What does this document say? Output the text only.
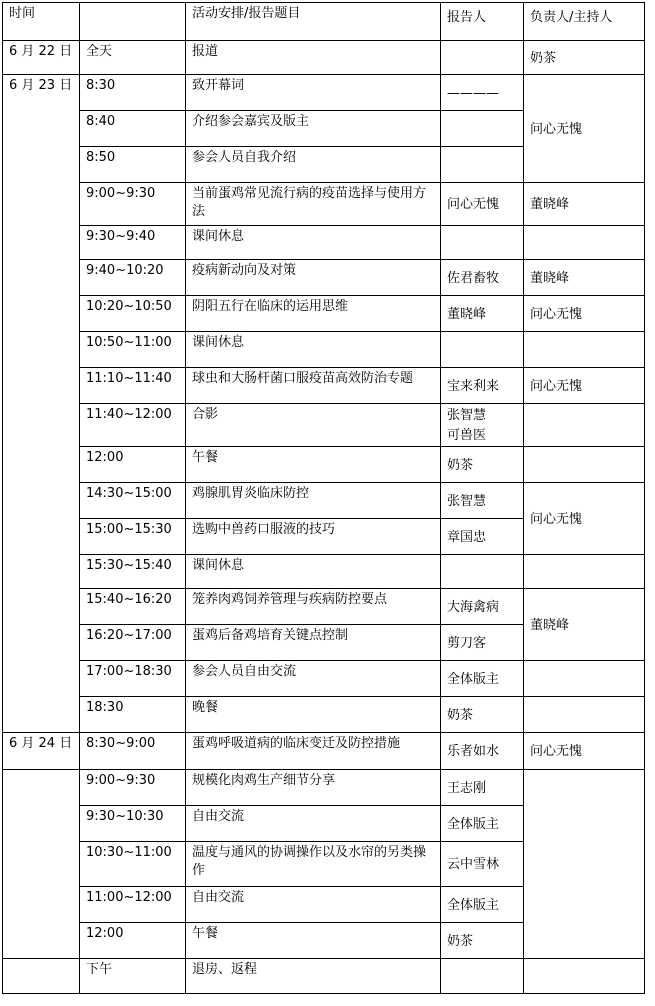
时间		活动安排/报告题目	报告人	负责人/主持人

6 月 22 日	全天	报道		奶茶

6 月 23 日	8:30	致开幕词	————	问心无愧

	8:40	介绍参会嘉宾及版主		

	8:50	参会人员自我介绍		

	9:00~9:30	当前蛋鸡常见流行病的疫苗选择与使用方法	问心无愧	董晓峰

	9:30~9:40	课间休息		

	9:40~10:20	疫病新动向及对策	佐君畜牧	董晓峰

	10:20~10:50	阴阳五行在临床的运用思维	董晓峰	问心无愧

	10:50~11:00	课间休息		

	11:10~11:40	球虫和大肠杆菌口服疫苗高效防治专题	宝来利来	问心无愧

	11:40~12:00	合影	张智慧
可兽医	

	12:00	午餐	奶茶	

	14:30~15:00	鸡腺肌胃炎临床防控	张智慧	问心无愧

	15:00~15:30	选购中兽药口服液的技巧	章国忠	

	15:30~15:40	课间休息		

	15:40~16:20	笼养肉鸡饲养管理与疾病防控要点	大海禽病	董晓峰

	16:20~17:00	蛋鸡后备鸡培育关键点控制	剪刀客	

	17:00~18:30	参会人员自由交流	全体版主	

	18:30	晚餐	奶茶	

6 月 24 日	8:30~9:00	蛋鸡呼吸道病的临床变迁及防控措施	乐者如水	问心无愧

	9:00~9:30	规模化肉鸡生产细节分享	王志刚	

	9:30~10:30	自由交流	全体版主	

	10:30~11:00	温度与通风的协调操作以及水帘的另类操作	云中雪林	

	11:00~12:00	自由交流	全体版主	

	12:00	午餐	奶茶	

	下午	退房、返程		
